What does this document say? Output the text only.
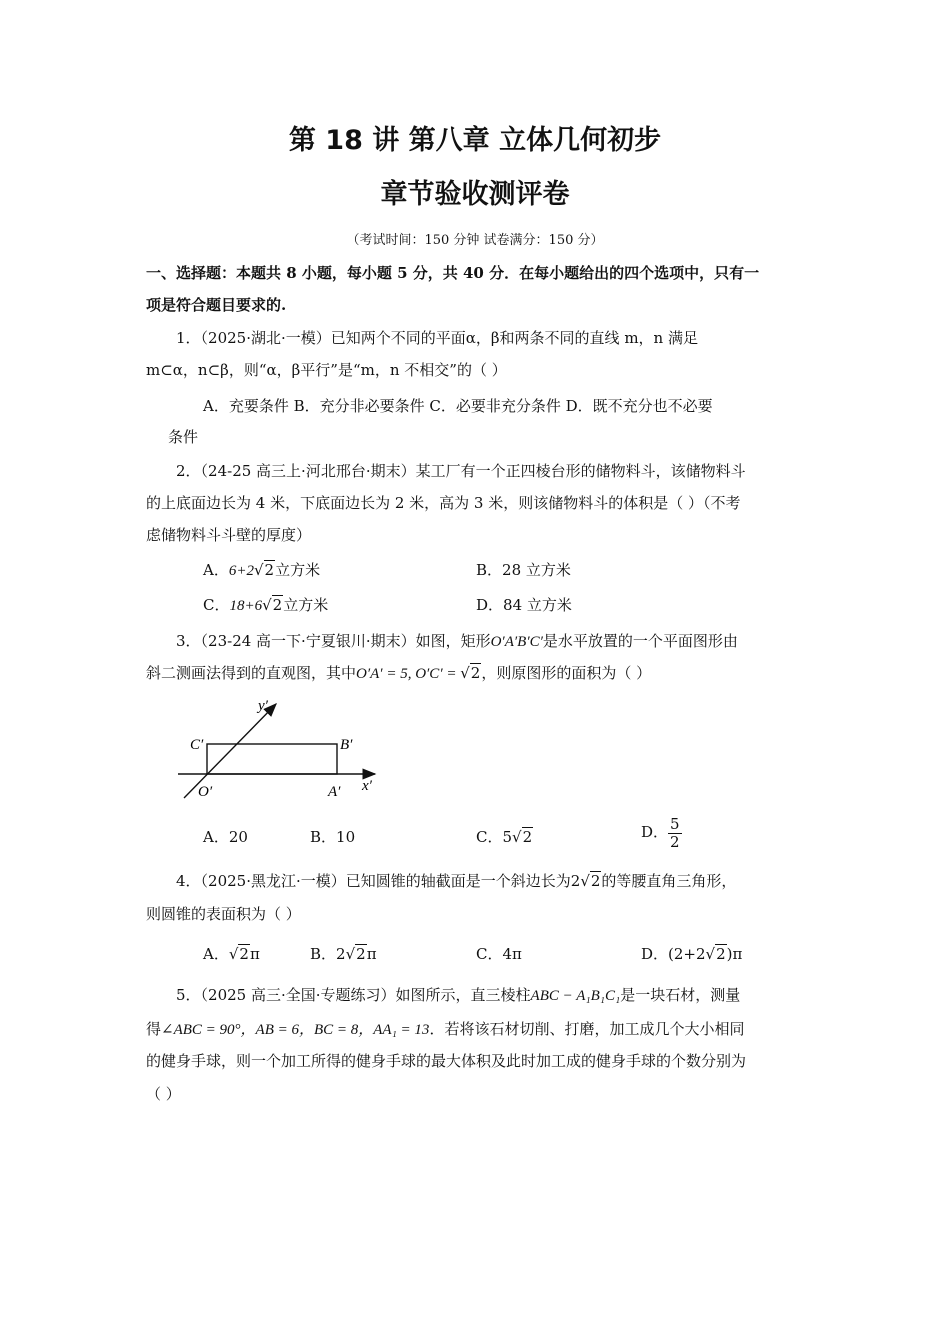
第 18 讲 第八章 立体几何初步
章节验收测评卷
（考试时间：150 分钟 试卷满分：150 分）
一、选择题：本题共 8 小题，每小题 5 分，共 40 分．在每小题给出的四个选项中，只有一
项是符合题目要求的.
1．（2025·湖北·一模）已知两个不同的平面α，β和两条不同的直线 m，n 满足
m⊂α，n⊂β，则“α，β平行”是“m，n 不相交”的（ ）
A．充要条件 B．充分非必要条件 C．必要非充分条件 D．既不充分也不必要
条件
2．（24-25 高三上·河北邢台·期末）某工厂有一个正四棱台形的储物料斗，该储物料斗
的上底面边长为 4 米，下底面边长为 2 米，高为 3 米，则该储物料斗的体积是（ ）（不考
虑储物料斗斗壁的厚度）
A．6+2√2立方米	B．28 立方米
C．18+6√2立方米	D．84 立方米
3．（23-24 高一下·宁夏银川·期末）如图，矩形O′A′B′C′是水平放置的一个平面图形由
斜二测画法得到的直观图，其中O′A′ = 5, O′C′ = √2，则原图形的面积为（ ）
y′
C′	B′
O′	A′ x′
A．20	B．10	C．5√2	D． $\frac{5}{2}$
4．（2025·黑龙江·一模）已知圆锥的轴截面是一个斜边长为2√2的等腰直角三角形，
则圆锥的表面积为（ ）
A．√2π	B．2√2π	C．4π	D．(2+2√2)π
5．（2025 高三·全国·专题练习）如图所示，直三棱柱ABC − A₁B₁C₁是一块石材，测量
得∠ABC = 90°，AB = 6，BC = 8，AA₁ = 13．若将该石材切削、打磨，加工成几个大小相同
的健身手球，则一个加工所得的健身手球的最大体积及此时加工成的健身手球的个数分别为
（ ）
